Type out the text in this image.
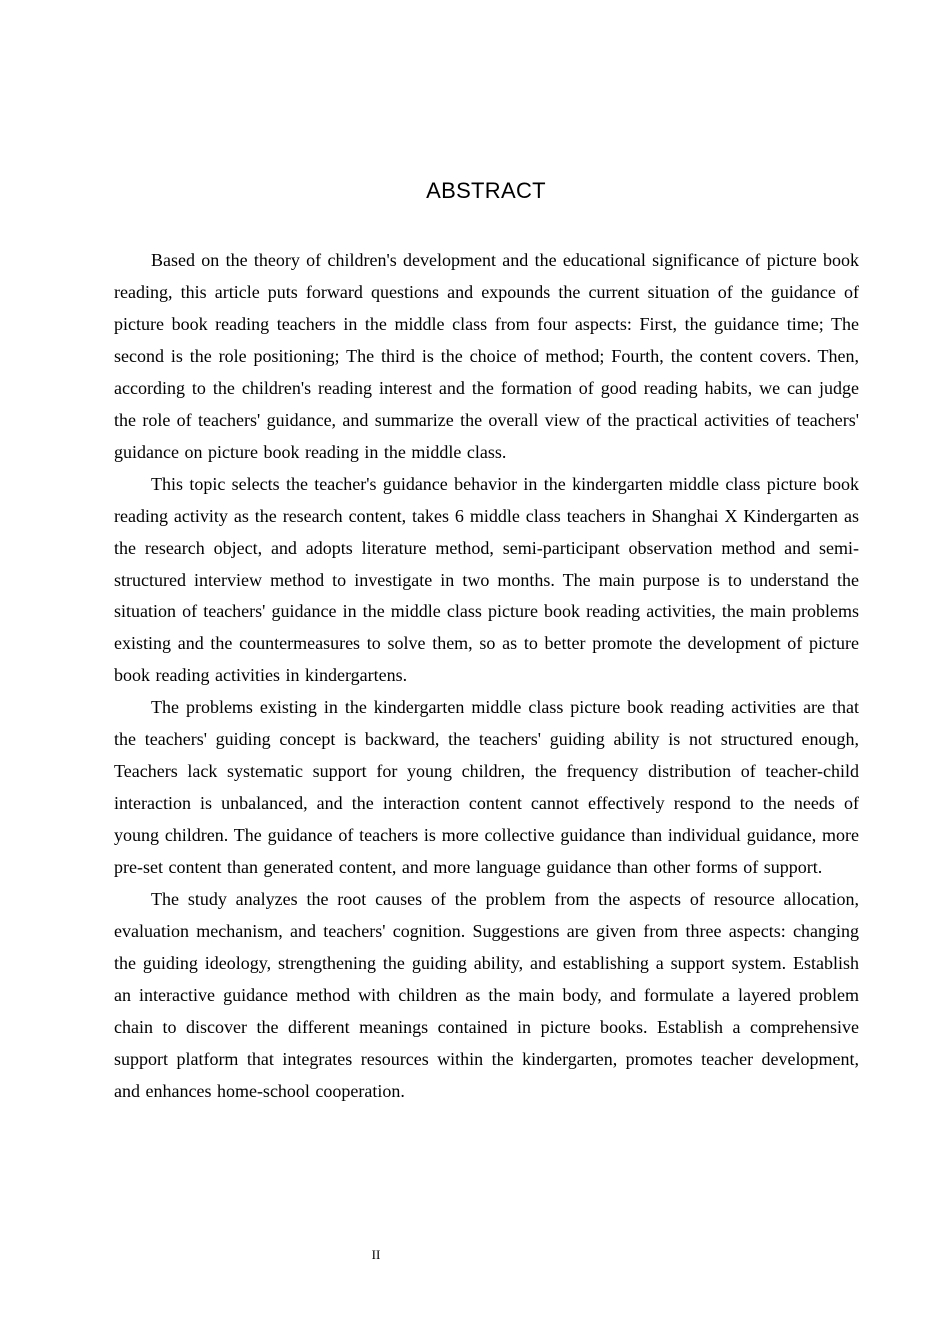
ABSTRACT

Based on the theory of children's development and the educational significance of picture book reading, this article puts forward questions and expounds the current situation of the guidance of picture book reading teachers in the middle class from four aspects: First, the guidance time; The second is the role positioning; The third is the choice of method; Fourth, the content covers. Then, according to the children's reading interest and the formation of good reading habits, we can judge the role of teachers' guidance, and summarize the overall view of the practical activities of teachers' guidance on picture book reading in the middle class.

This topic selects the teacher's guidance behavior in the kindergarten middle class picture book reading activity as the research content, takes 6 middle class teachers in Shanghai X Kindergarten as the research object, and adopts literature method, semi-participant observation method and semi-structured interview method to investigate in two months. The main purpose is to understand the situation of teachers' guidance in the middle class picture book reading activities, the main problems existing and the countermeasures to solve them, so as to better promote the development of picture book reading activities in kindergartens.

The problems existing in the kindergarten middle class picture book reading activities are that the teachers' guiding concept is backward, the teachers' guiding ability is not structured enough, Teachers lack systematic support for young children, the frequency distribution of teacher-child interaction is unbalanced, and the interaction content cannot effectively respond to the needs of young children. The guidance of teachers is more collective guidance than individual guidance, more pre-set content than generated content, and more language guidance than other forms of support.

The study analyzes the root causes of the problem from the aspects of resource allocation, evaluation mechanism, and teachers' cognition. Suggestions are given from three aspects: changing the guiding ideology, strengthening the guiding ability, and establishing a support system. Establish an interactive guidance method with children as the main body, and formulate a layered problem chain to discover the different meanings contained in picture books. Establish a comprehensive support platform that integrates resources within the kindergarten, promotes teacher development, and enhances home-school cooperation.

II
